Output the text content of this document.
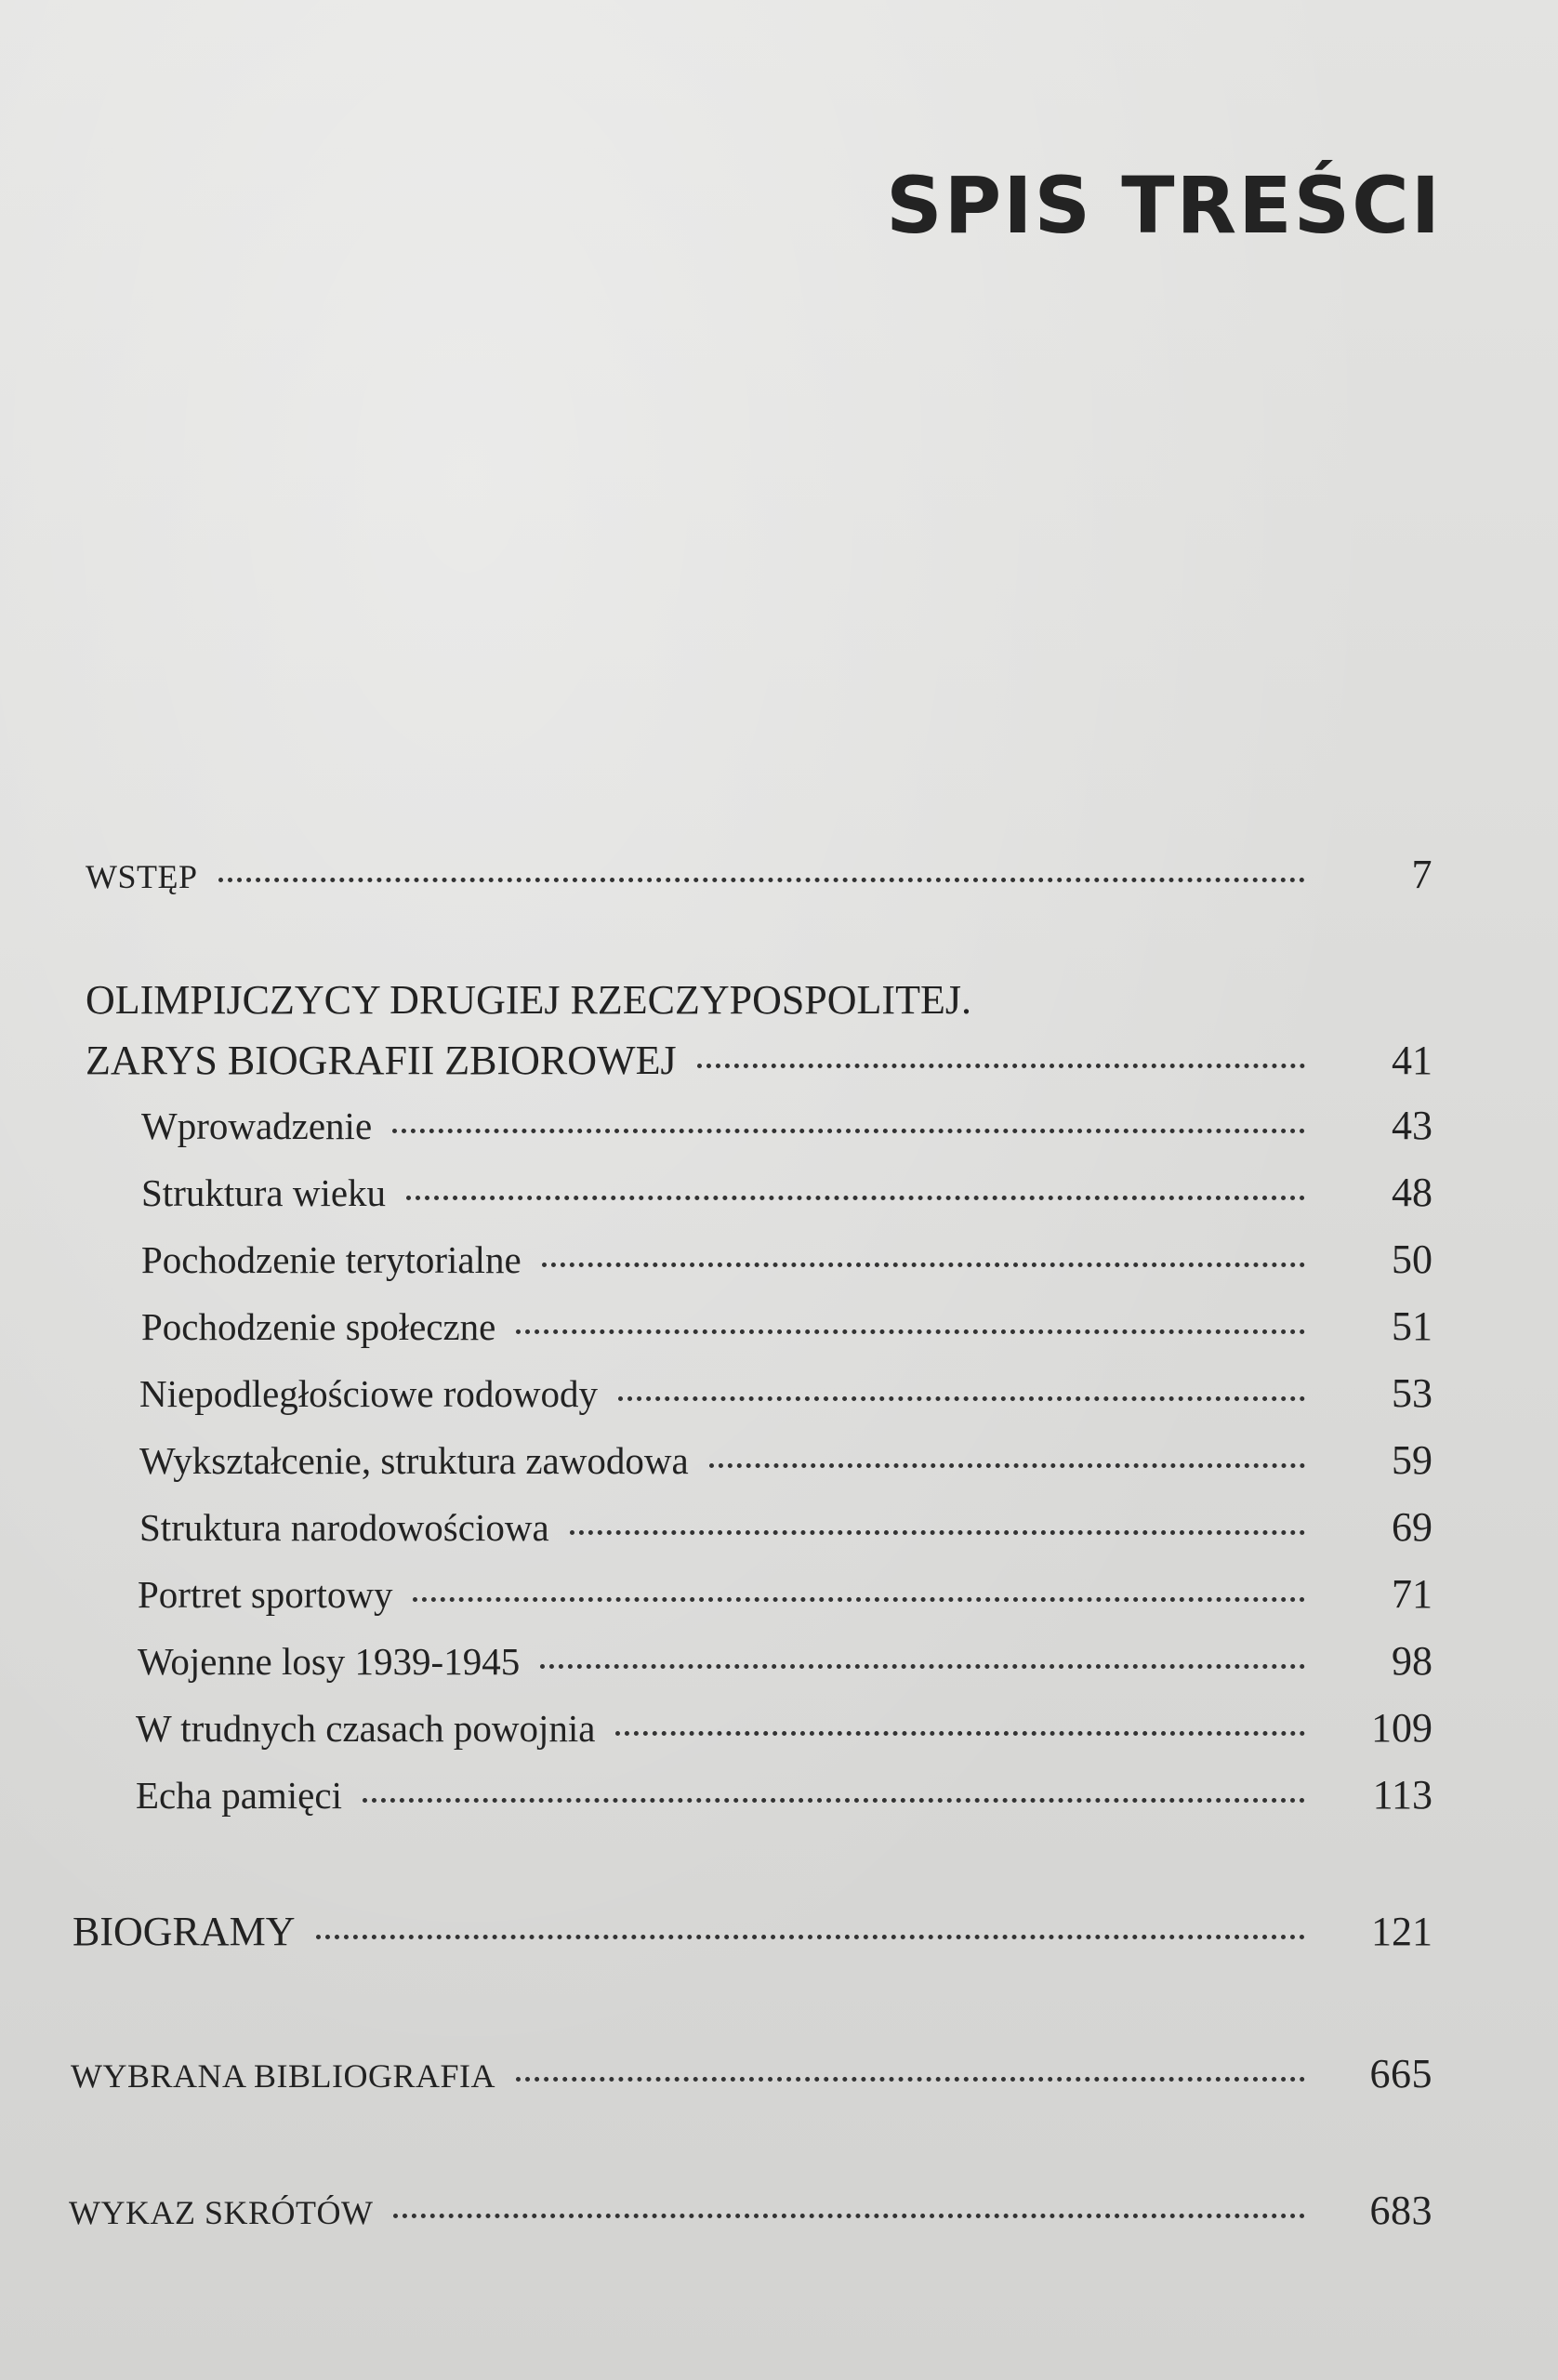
SPIS TREŚCI
WSTĘP	7
OLIMPIJCZYCY DRUGIEJ RZECZYPOSPOLITEJ.
ZARYS BIOGRAFII ZBIOROWEJ	41
Wprowadzenie	43
Struktura wieku	48
Pochodzenie terytorialne	50
Pochodzenie społeczne	51
Niepodległościowe rodowody	53
Wykształcenie, struktura zawodowa	59
Struktura narodowościowa	69
Portret sportowy	71
Wojenne losy 1939-1945	98
W trudnych czasach powojnia	109
Echa pamięci	113
BIOGRAMY	121
WYBRANA BIBLIOGRAFIA	665
WYKAZ SKRÓTÓW	683
